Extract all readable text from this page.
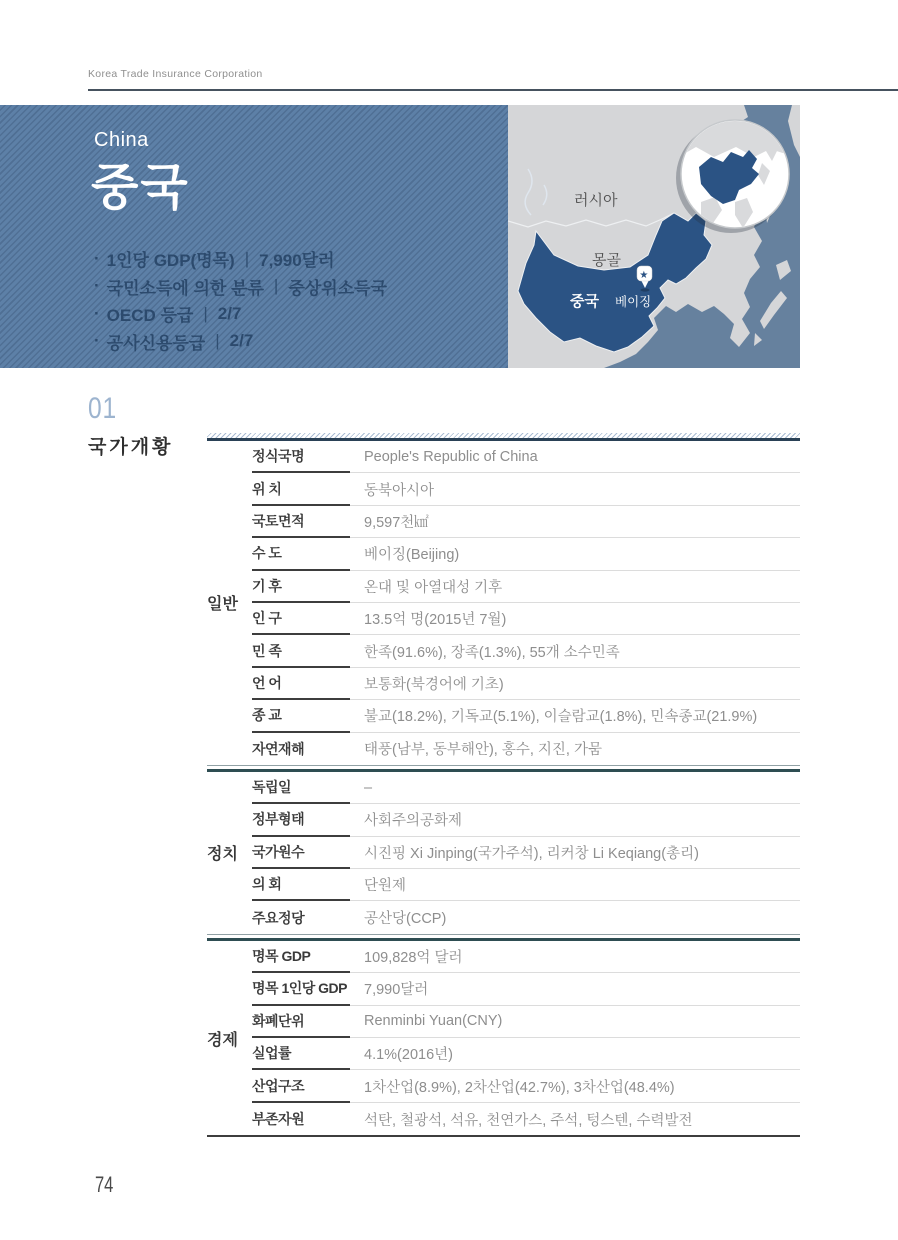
Korea Trade Insurance Corporation
China
중국
· 1인당 GDP(명목) | 7,990달러
· 국민소득에 의한 분류 | 중상위소득국
· OECD 등급 | 2/7
· 공사신용등급 | 2/7
러시아
몽골
중국 베이징
★
01
국가개황
일반
정식국명	People's Republic of China
위 치	동북아시아
국토면적	9,597천㎢
수 도	베이징(Beijing)
기 후	온대 및 아열대성 기후
인 구	13.5억 명(2015년 7월)
민 족	한족(91.6%), 장족(1.3%), 55개 소수민족
언 어	보통화(북경어에 기초)
종 교	불교(18.2%), 기독교(5.1%), 이슬람교(1.8%), 민속종교(21.9%)
자연재해	태풍(남부, 동부해안), 홍수, 지진, 가뭄
정치
독립일	–
정부형태	사회주의공화제
국가원수	시진핑 Xi Jinping(국가주석), 리커창 Li Keqiang(총리)
의 회	단원제
주요정당	공산당(CCP)
경제
명목 GDP	109,828억 달러
명목 1인당 GDP	7,990달러
화폐단위	Renminbi Yuan(CNY)
실업률	4.1%(2016년)
산업구조	1차산업(8.9%), 2차산업(42.7%), 3차산업(48.4%)
부존자원	석탄, 철광석, 석유, 천연가스, 주석, 텅스텐, 수력발전
74
